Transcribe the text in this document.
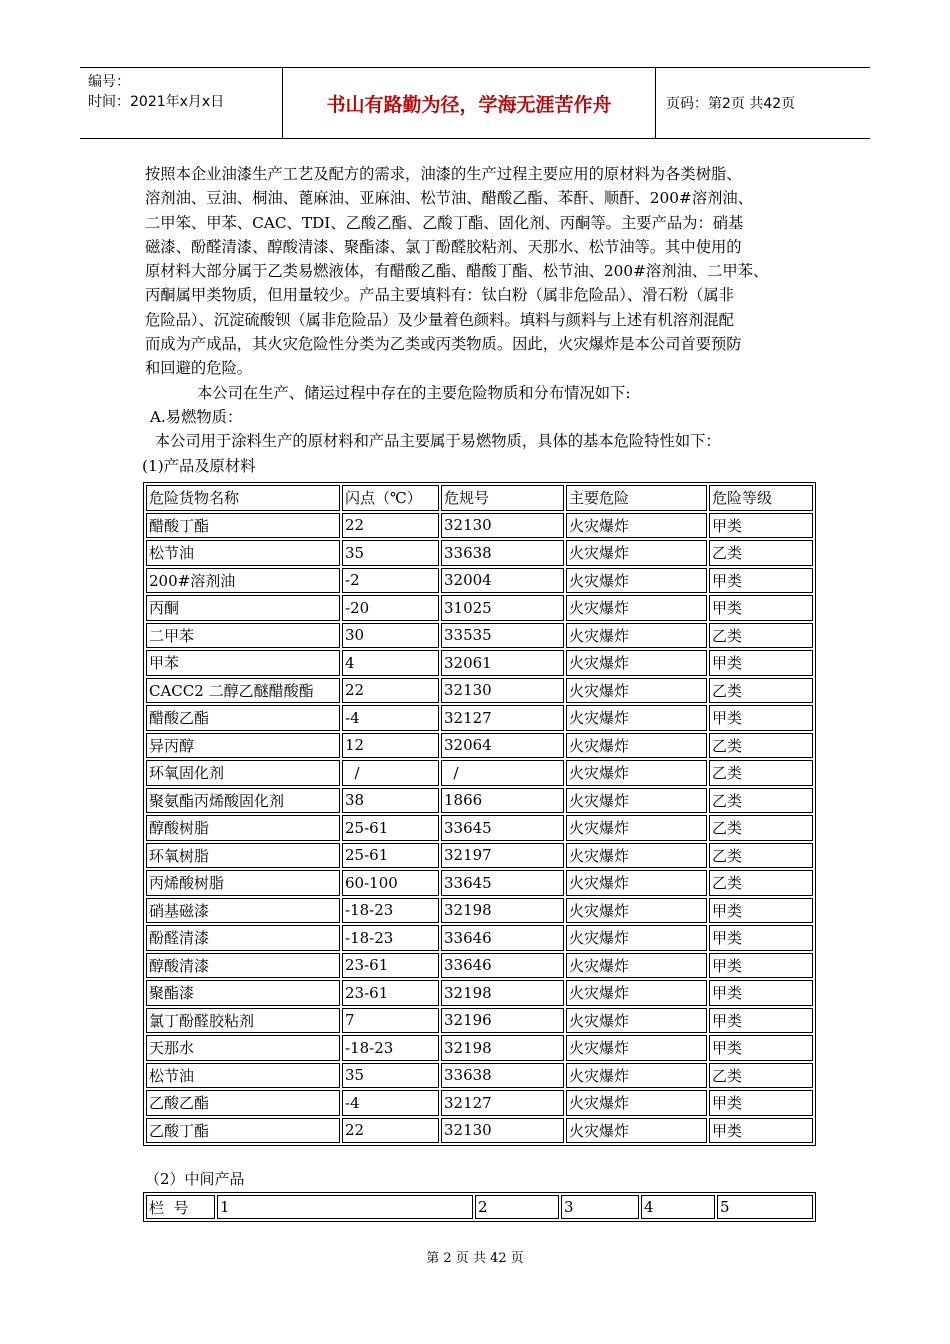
编号：
时间：2021年x月x日	书山有路勤为径，学海无涯苦作舟	页码：第2页 共42页

按照本企业油漆生产工艺及配方的需求，油漆的生产过程主要应用的原材料为各类树脂、

溶剂油、豆油、桐油、蓖麻油、亚麻油、松节油、醋酸乙酯、苯酐、顺酐、200#溶剂油、

二甲笨、甲苯、CAC、TDI、乙酸乙酯、乙酸丁酯、固化剂、丙酮等。主要产品为：硝基

磁漆、酚醛清漆、醇酸清漆、聚酯漆、氯丁酚醛胶粘剂、天那水、松节油等。其中使用的

原材料大部分属于乙类易燃液体，有醋酸乙酯、醋酸丁酯、松节油、200#溶剂油、二甲苯、

丙酮属甲类物质，但用量较少。产品主要填料有：钛白粉（属非危险品）、滑石粉（属非

危险品）、沉淀硫酸钡（属非危险品）及少量着色颜料。填料与颜料与上述有机溶剂混配

而成为产成品，其火灾危险性分类为乙类或丙类物质。因此，火灾爆炸是本公司首要预防

和回避的危险。

本公司在生产、储运过程中存在的主要危险物质和分布情况如下:

A.易燃物质：

本公司用于涂料生产的原材料和产品主要属于易燃物质，具体的基本危险特性如下：

(1)产品及原材料

危险货物名称	闪点（℃）	危规号	主要危险	危险等级
醋酸丁酯	22	32130	火灾爆炸	甲类
松节油	35	33638	火灾爆炸	乙类
200#溶剂油	-2	32004	火灾爆炸	甲类
丙酮	-20	31025	火灾爆炸	甲类
二甲苯	30	33535	火灾爆炸	乙类
甲苯	4	32061	火灾爆炸	甲类
CACC2 二醇乙醚醋酸酯	22	32130	火灾爆炸	乙类
醋酸乙酯	-4	32127	火灾爆炸	甲类
异丙醇	12	32064	火灾爆炸	乙类
环氧固化剂	/	/	火灾爆炸	乙类
聚氨酯丙烯酸固化剂	38	1866	火灾爆炸	乙类
醇酸树脂	25-61	33645	火灾爆炸	乙类
环氧树脂	25-61	32197	火灾爆炸	乙类
丙烯酸树脂	60-100	33645	火灾爆炸	乙类
硝基磁漆	-18-23	32198	火灾爆炸	甲类
酚醛清漆	-18-23	33646	火灾爆炸	甲类
醇酸清漆	23-61	33646	火灾爆炸	甲类
聚酯漆	23-61	32198	火灾爆炸	甲类
氯丁酚醛胶粘剂	7	32196	火灾爆炸	甲类
天那水	-18-23	32198	火灾爆炸	甲类
松节油	35	33638	火灾爆炸	乙类
乙酸乙酯	-4	32127	火灾爆炸	甲类
乙酸丁酯	22	32130	火灾爆炸	甲类
（2）中间产品
栏  号	1	2	3	4	5
第 2 页 共 42 页
